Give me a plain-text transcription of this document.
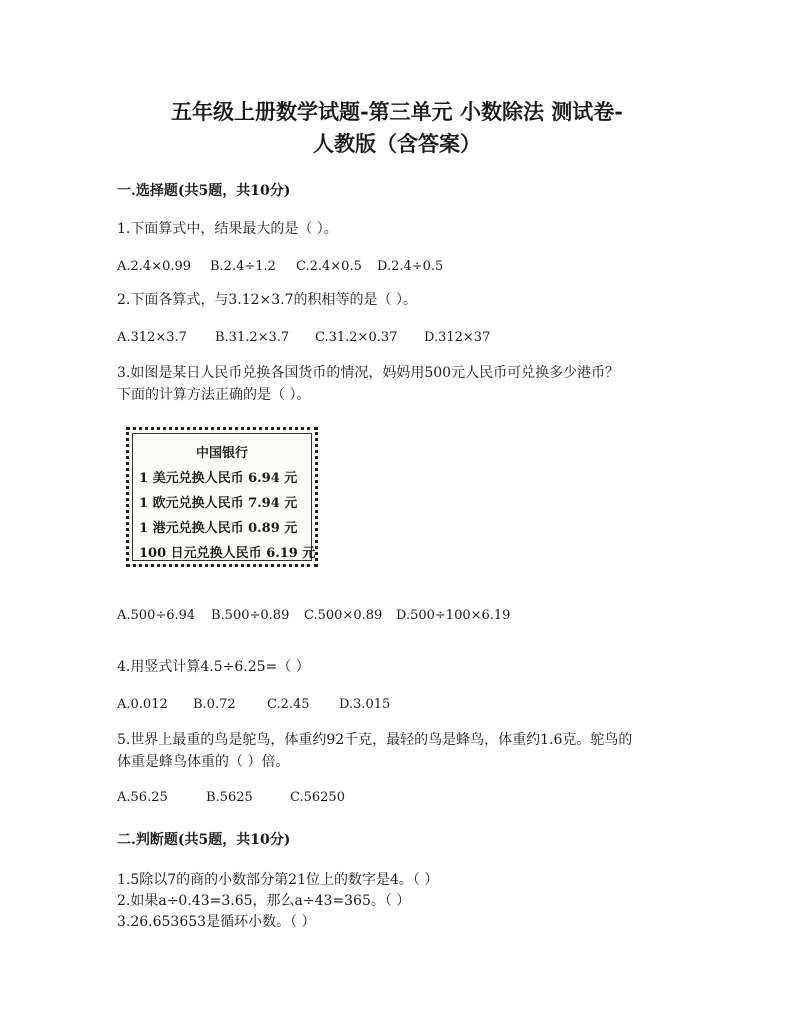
五年级上册数学试题-第三单元 小数除法 测试卷-
人教版（含答案）
一.选择题(共5题，共10分)
1.下面算式中，结果最大的是（ ）。
A.2.4×0.99 B.2.4÷1.2 C.2.4×0.5 D.2.4÷0.5
2.下面各算式，与3.12×3.7的积相等的是（ ）。
A.312×3.7 B.31.2×3.7 C.31.2×0.37 D.312×37
3.如图是某日人民币兑换各国货币的情况，妈妈用500元人民币可兑换多少港币？
下面的计算方法正确的是（ ）。
中国银行
1 美元兑换人民币 6.94 元
1 欧元兑换人民币 7.94 元
1 港元兑换人民币 0.89 元
100 日元兑换人民币 6.19 元
A.500÷6.94 B.500÷0.89 C.500×0.89 D.500÷100×6.19
4.用竖式计算4.5÷6.25=（ ）
A.0.012 B.0.72 C.2.45 D.3.015
5.世界上最重的鸟是鸵鸟，体重约92千克，最轻的鸟是蜂鸟，体重约1.6克。鸵鸟的
体重是蜂鸟体重的（ ）倍。
A.56.25	B.5625	C.56250
二.判断题(共5题，共10分)
1.5除以7的商的小数部分第21位上的数字是4。（ ）
2.如果a÷0.43=3.65，那么a÷43=365。（ ）
3.26.653653是循环小数。（ ）
